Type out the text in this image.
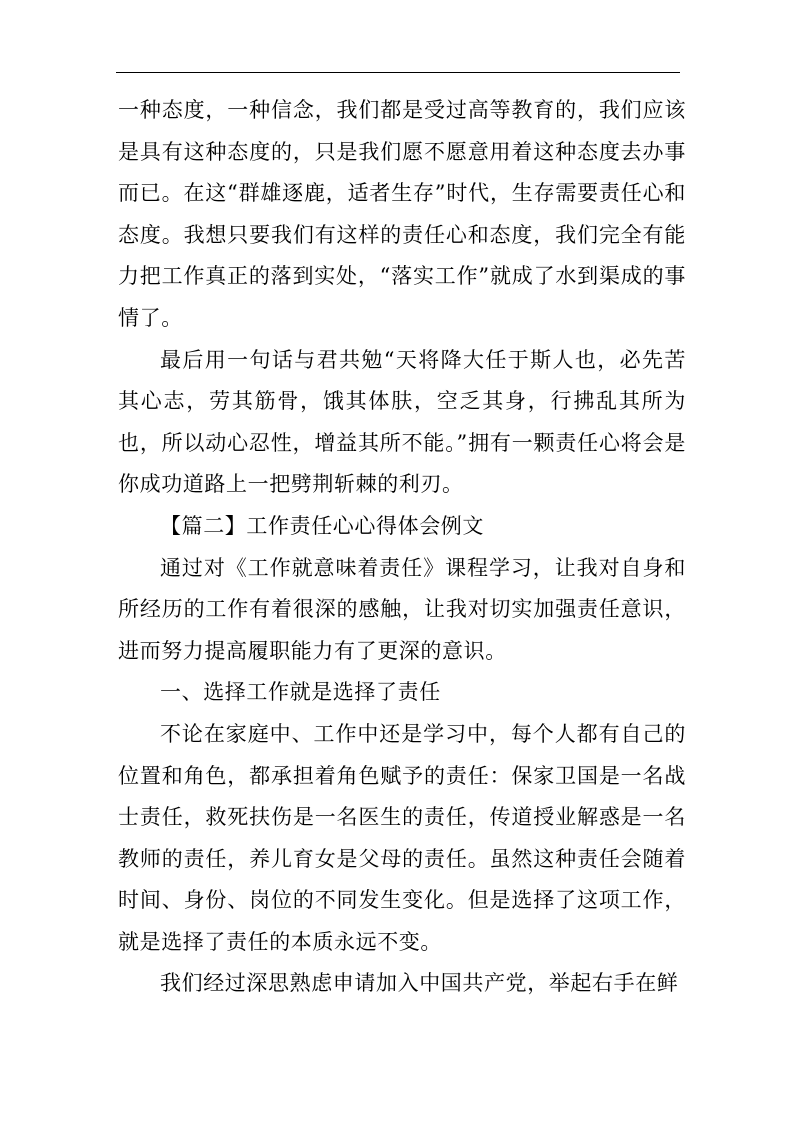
一种态度，一种信念，我们都是受过高等教育的，我们应该是具有这种态度的，只是我们愿不愿意用着这种态度去办事而已。在这“群雄逐鹿，适者生存”时代，生存需要责任心和态度。我想只要我们有这样的责任心和态度，我们完全有能力把工作真正的落到实处，“落实工作”就成了水到渠成的事情了。

最后用一句话与君共勉“天将降大任于斯人也，必先苦其心志，劳其筋骨，饿其体肤，空乏其身，行拂乱其所为也，所以动心忍性，增益其所不能。”拥有一颗责任心将会是你成功道路上一把劈荆斩棘的利刃。

【篇二】工作责任心心得体会例文

通过对《工作就意味着责任》课程学习，让我对自身和所经历的工作有着很深的感触，让我对切实加强责任意识，进而努力提高履职能力有了更深的意识。

一、选择工作就是选择了责任

不论在家庭中、工作中还是学习中，每个人都有自己的位置和角色，都承担着角色赋予的责任：保家卫国是一名战士责任，救死扶伤是一名医生的责任，传道授业解惑是一名教师的责任，养儿育女是父母的责任。虽然这种责任会随着时间、身份、岗位的不同发生变化。但是选择了这项工作，就是选择了责任的本质永远不变。

我们经过深思熟虑申请加入中国共产党，举起右手在鲜
